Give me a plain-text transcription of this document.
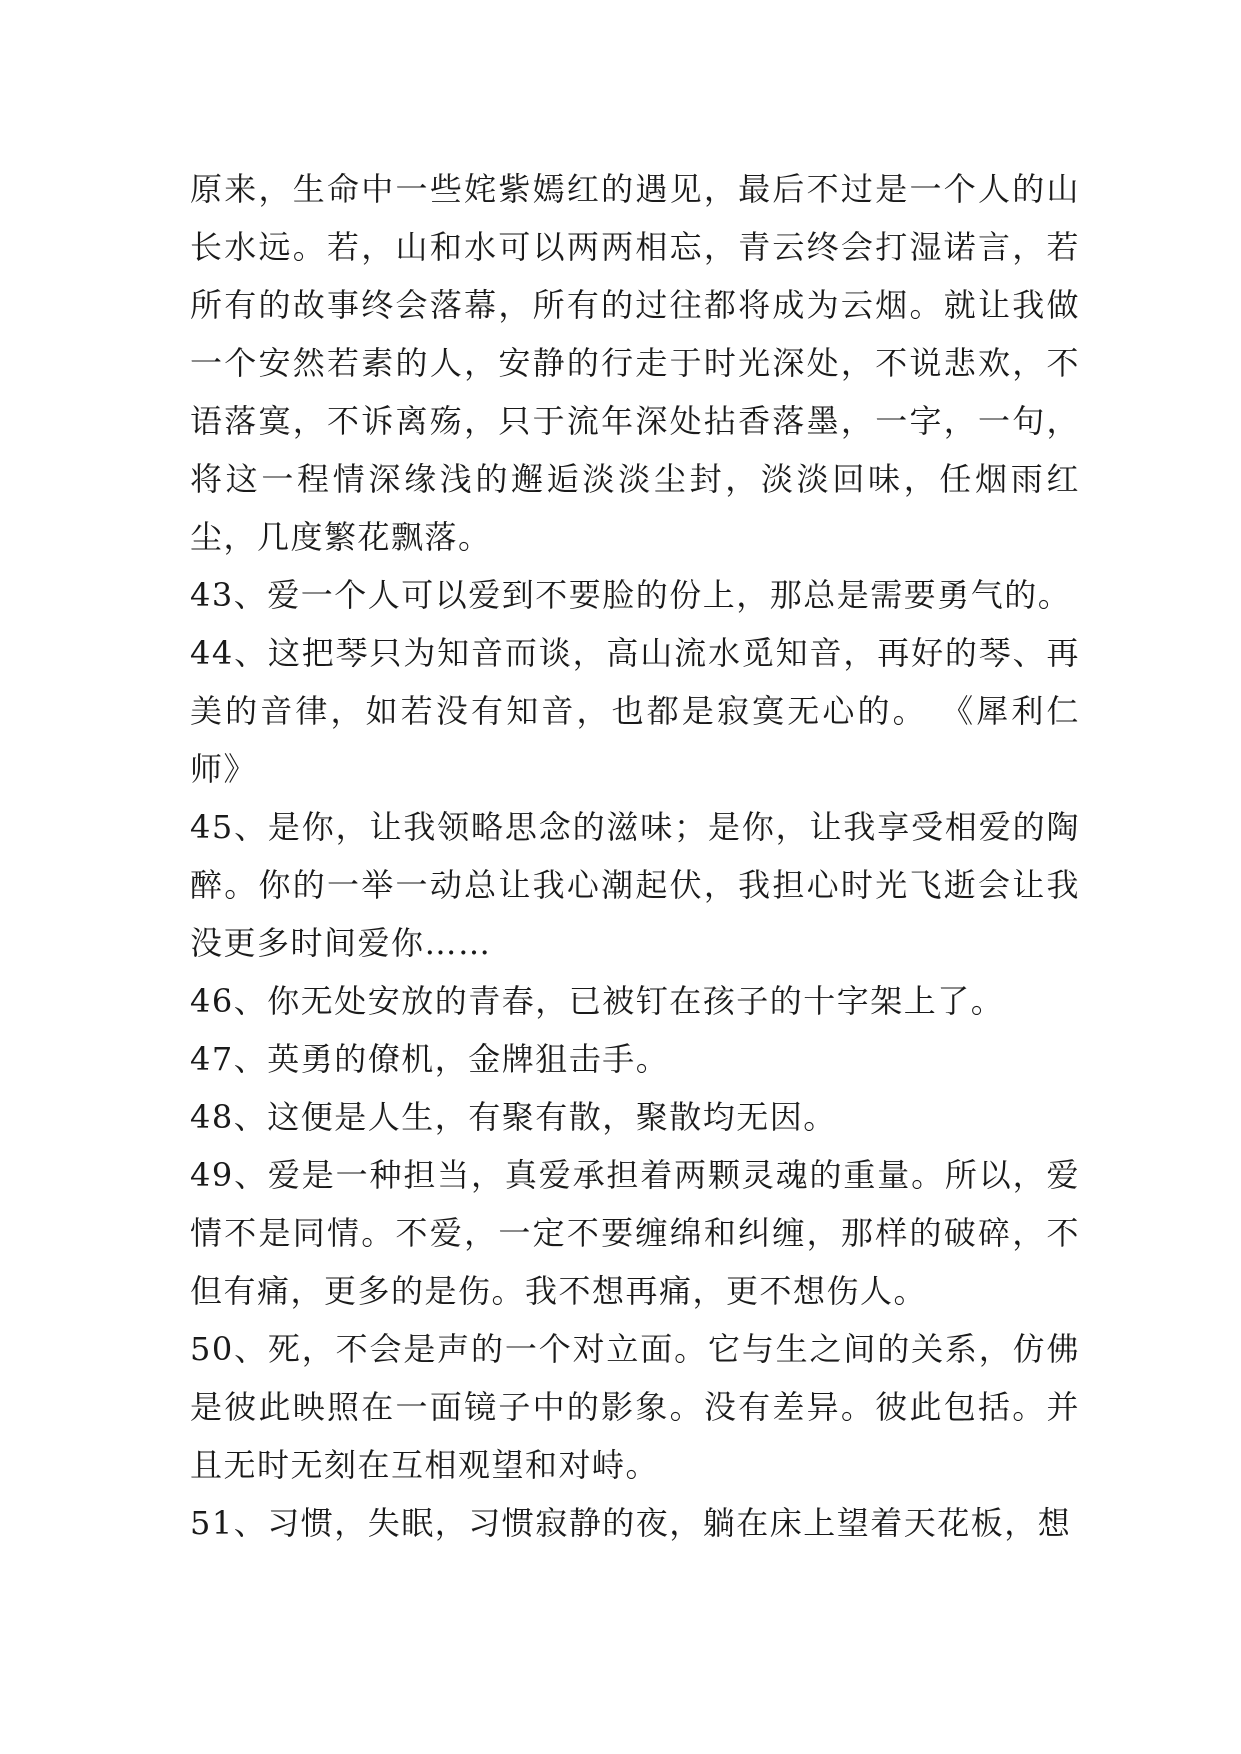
原来，生命中一些姹紫嫣红的遇见，最后不过是一个人的山长水远。若，山和水可以两两相忘，青云终会打湿诺言，若所有的故事终会落幕，所有的过往都将成为云烟。就让我做一个安然若素的人，安静的行走于时光深处，不说悲欢，不语落寞，不诉离殇，只于流年深处拈香落墨，一字，一句，将这一程情深缘浅的邂逅淡淡尘封，淡淡回味，任烟雨红尘，几度繁花飘落。

43、爱一个人可以爱到不要脸的份上，那总是需要勇气的。

44、这把琴只为知音而谈，高山流水觅知音，再好的琴、再美的音律，如若没有知音，也都是寂寞无心的。 《犀利仁师》

45、是你，让我领略思念的滋味；是你，让我享受相爱的陶醉。你的一举一动总让我心潮起伏，我担心时光飞逝会让我没更多时间爱你……

46、你无处安放的青春，已被钉在孩子的十字架上了。

47、英勇的僚机，金牌狙击手。

48、这便是人生，有聚有散，聚散均无因。

49、爱是一种担当，真爱承担着两颗灵魂的重量。所以，爱情不是同情。不爱，一定不要缠绵和纠缠，那样的破碎，不但有痛，更多的是伤。我不想再痛，更不想伤人。

50、死，不会是声的一个对立面。它与生之间的关系，仿佛是彼此映照在一面镜子中的影象。没有差异。彼此包括。并且无时无刻在互相观望和对峙。

51、习惯，失眠，习惯寂静的夜，躺在床上望着天花板，想
